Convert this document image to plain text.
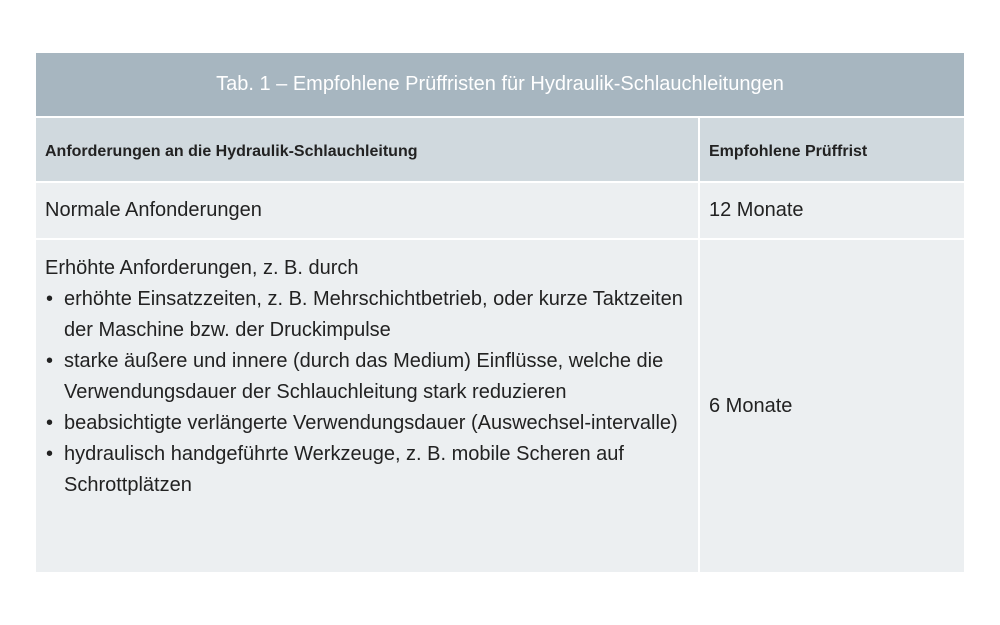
Tab. 1 – Empfohlene Prüffristen für Hydraulik-Schlauchleitungen
Anforderungen an die Hydraulik-Schlauchleitung	Empfohlene Prüffrist
Normale Anfonderungen	12 Monate
Erhöhte Anforderungen, z. B. durch
• erhöhte Einsatzzeiten, z. B. Mehrschichtbetrieb, oder kurze Taktzeiten der Maschine bzw. der Druckimpulse
• starke äußere und innere (durch das Medium) Einflüsse, welche die Verwendungsdauer der Schlauchleitung stark reduzieren
• beabsichtigte verlängerte Verwendungsdauer (Auswechsel-intervalle)
• hydraulisch handgeführte Werkzeuge, z. B. mobile Scheren auf Schrottplätzen
6 Monate
